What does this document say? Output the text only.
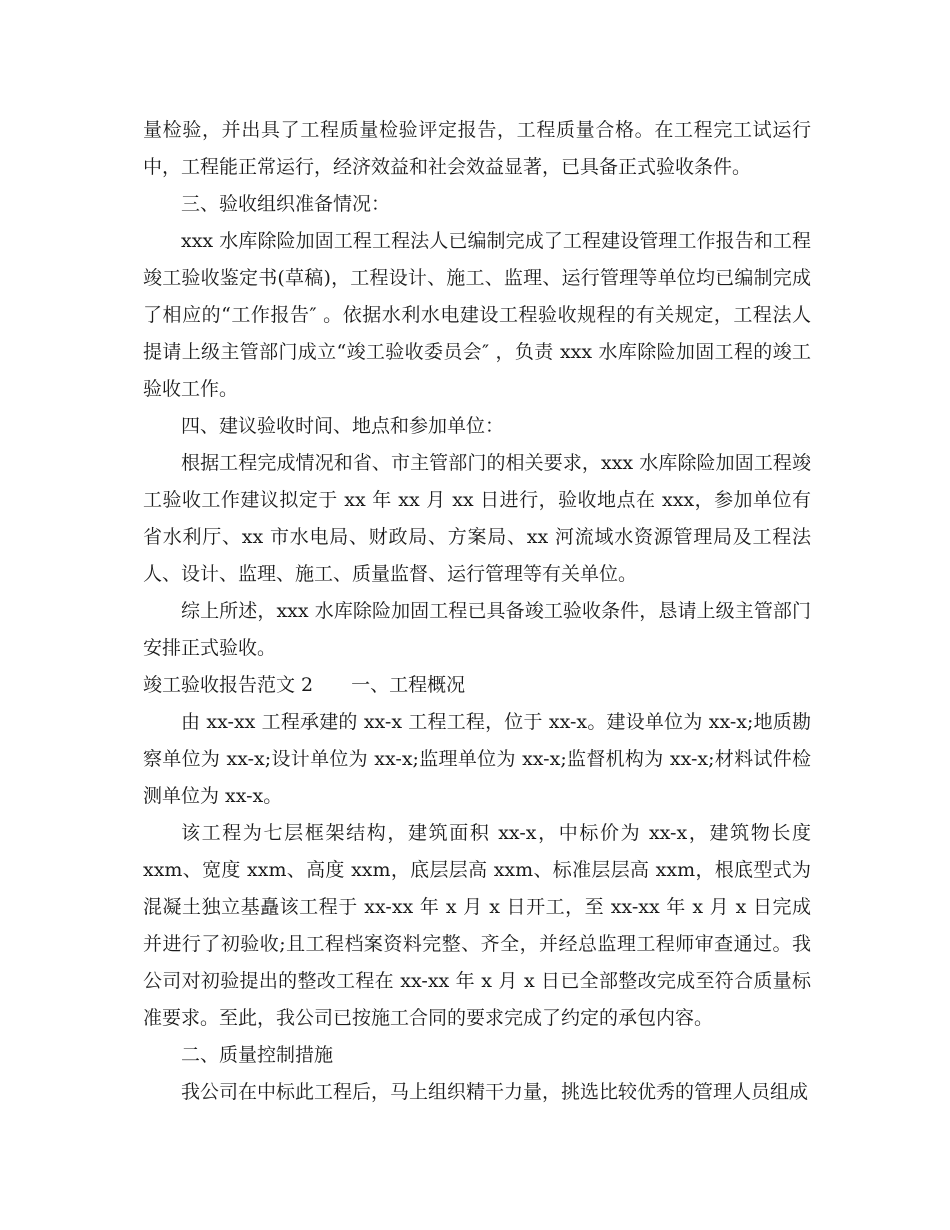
量检验，并出具了工程质量检验评定报告，工程质量合格。在工程完工试运行中，工程能正常运行，经济效益和社会效益显著，已具备正式验收条件。

三、验收组织准备情况：

xxx 水库除险加固工程工程法人已编制完成了工程建设管理工作报告和工程竣工验收鉴定书(草稿)，工程设计、施工、监理、运行管理等单位均已编制完成了相应的“工作报告″ 。依据水利水电建设工程验收规程的有关规定，工程法人提请上级主管部门成立“竣工验收委员会″ ，负责 xxx 水库除险加固工程的竣工验收工作。

四、建议验收时间、地点和参加单位：

根据工程完成情况和省、市主管部门的相关要求，xxx 水库除险加固工程竣工验收工作建议拟定于 xx 年 xx 月 xx 日进行，验收地点在 xxx，参加单位有省水利厅、xx 市水电局、财政局、方案局、xx 河流域水资源管理局及工程法人、设计、监理、施工、质量监督、运行管理等有关单位。

综上所述，xxx 水库除险加固工程已具备竣工验收条件，恳请上级主管部门安排正式验收。

竣工验收报告范文 2 一、工程概况

由 xx-xx 工程承建的 xx-x 工程工程，位于 xx-x。建设单位为 xx-x;地质勘察单位为 xx-x;设计单位为 xx-x;监理单位为 xx-x;监督机构为 xx-x;材料试件检测单位为 xx-x。

该工程为七层框架结构，建筑面积 xx-x，中标价为 xx-x，建筑物长度 xxm、宽度 xxm、高度 xxm，底层层高 xxm、标准层层高 xxm，根底型式为混凝土独立基矗该工程于 xx-xx 年 x 月 x 日开工，至 xx-xx 年 x 月 x 日完成并进行了初验收;且工程档案资料完整、齐全，并经总监理工程师审查通过。我公司对初验提出的整改工程在 xx-xx 年 x 月 x 日已全部整改完成至符合质量标准要求。至此，我公司已按施工合同的要求完成了约定的承包内容。

二、质量控制措施

我公司在中标此工程后，马上组织精干力量，挑选比较优秀的管理人员组成
